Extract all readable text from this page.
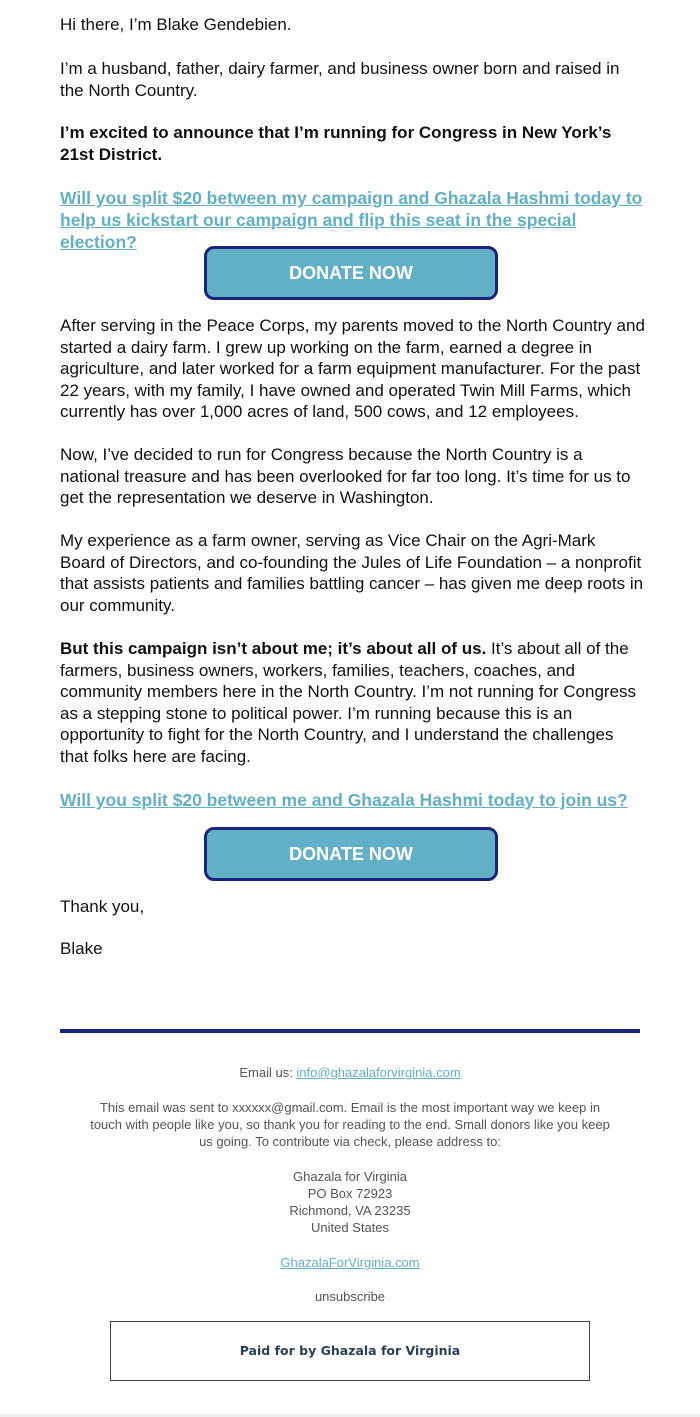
Hi there, I’m Blake Gendebien.

I’m a husband, father, dairy farmer, and business owner born and raised in the North Country.

I’m excited to announce that I’m running for Congress in New York’s 21st District.

Will you split $20 between my campaign and Ghazala Hashmi today to help us kickstart our campaign and flip this seat in the special election?
DONATE NOW

After serving in the Peace Corps, my parents moved to the North Country and started a dairy farm. I grew up working on the farm, earned a degree in agriculture, and later worked for a farm equipment manufacturer. For the past 22 years, with my family, I have owned and operated Twin Mill Farms, which currently has over 1,000 acres of land, 500 cows, and 12 employees.

Now, I’ve decided to run for Congress because the North Country is a national treasure and has been overlooked for far too long. It’s time for us to get the representation we deserve in Washington.

My experience as a farm owner, serving as Vice Chair on the Agri-Mark Board of Directors, and co-founding the Jules of Life Foundation – a nonprofit that assists patients and families battling cancer – has given me deep roots in our community.

But this campaign isn’t about me; it’s about all of us. It’s about all of the farmers, business owners, workers, families, teachers, coaches, and community members here in the North Country. I’m not running for Congress as a stepping stone to political power. I’m running because this is an opportunity to fight for the North Country, and I understand the challenges that folks here are facing.

Will you split $20 between me and Ghazala Hashmi today to join us?
DONATE NOW

Thank you,

Blake

Email us: info@ghazalaforvirginia.com
This email was sent to xxxxxx@gmail.com. Email is the most important way we keep in touch with people like you, so thank you for reading to the end. Small donors like you keep us going. To contribute via check, please address to:
Ghazala for Virginia
PO Box 72923
Richmond, VA 23235
United States
GhazalaForVirginia.com
unsubscribe
Paid for by Ghazala for Virginia
